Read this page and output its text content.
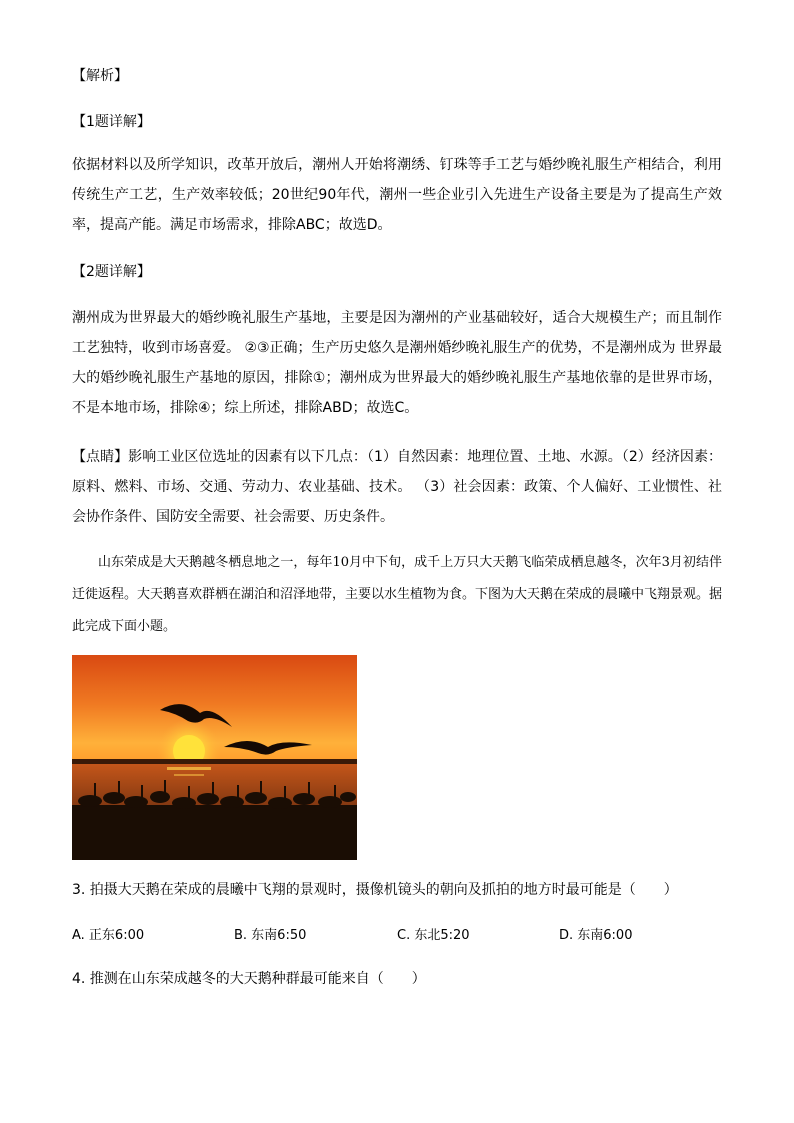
【解析】
【1题详解】
依据材料以及所学知识，改革开放后，潮州人开始将潮绣、钉珠等手工艺与婚纱晚礼服生产相结合，利用传统生产工艺，生产效率较低；20世纪90年代，潮州一些企业引入先进生产设备主要是为了提高生产效率，提高产能。满足市场需求，排除ABC；故选D。
【2题详解】
潮州成为世界最大的婚纱晚礼服生产基地，主要是因为潮州的产业基础较好，适合大规模生产；而且制作工艺独特，收到市场喜爱。 ②③正确；生产历史悠久是潮州婚纱晚礼服生产的优势，不是潮州成为 世界最大的婚纱晚礼服生产基地的原因，排除①；潮州成为世界最大的婚纱晚礼服生产基地依靠的是世界市场，不是本地市场，排除④；综上所述，排除ABD；故选C。
【点睛】影响工业区位选址的因素有以下几点：（1）自然因素：地理位置、土地、水源。（2）经济因素：原料、燃料、市场、交通、劳动力、农业基础、技术。 （3）社会因素：政策、个人偏好、工业惯性、社会协作条件、国防安全需要、社会需要、历史条件。
山东荣成是大天鹅越冬栖息地之一，每年10月中下旬，成千上万只大天鹅飞临荣成栖息越冬，次年3月初结伴迁徙返程。大天鹅喜欢群栖在湖泊和沼泽地带，主要以水生植物为食。下图为大天鹅在荣成的晨曦中飞翔景观。据此完成下面小题。
3. 拍摄大天鹅在荣成的晨曦中飞翔的景观时，摄像机镜头的朝向及抓拍的地方时最可能是（　　）
A. 正东6:00	B. 东南6:50	C. 东北5:20	D. 东南6:00
4. 推测在山东荣成越冬的大天鹅种群最可能来自（　　）
